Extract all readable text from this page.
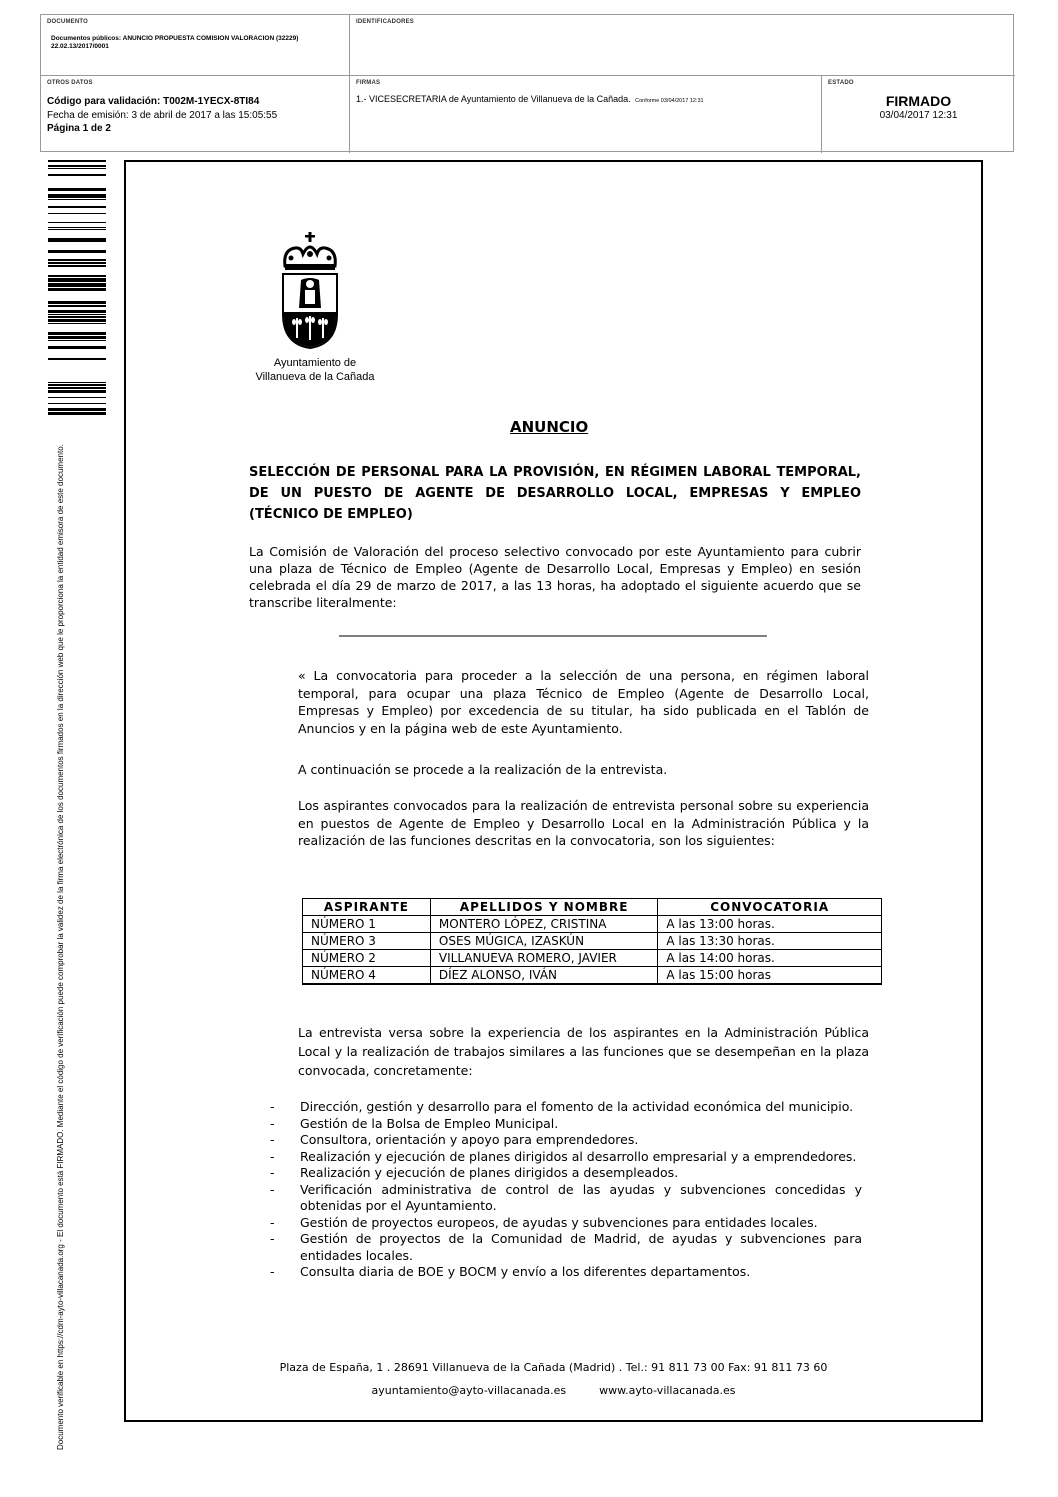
DOCUMENTO
Documentos públicos: ANUNCIO PROPUESTA COMISION VALORACION (32229) 22.02.13/2017/0001
IDENTIFICADORES
OTROS DATOS
Código para validación: T002M-1YECX-8TI84
Fecha de emisión: 3 de abril de 2017 a las 15:05:55
Página 1 de 2
FIRMAS
1.- VICESECRETARIA de Ayuntamiento de Villanueva de la Cañada. Conforme 03/04/2017 12:31
ESTADO
FIRMADO
03/04/2017 12:31
Documento verificable en https://cdm-ayto-villacanada.org - El documento está FIRMADO. Mediante el código de verificación puede comprobar la validez de la firma electrónica de los documentos firmados en la dirección web que le proporciona la entidad emisora de este documento.
Ayuntamiento de
Villanueva de la Cañada
ANUNCIO
SELECCIÓN DE PERSONAL PARA LA PROVISIÓN, EN RÉGIMEN LABORAL TEMPORAL, DE UN PUESTO DE AGENTE DE DESARROLLO LOCAL, EMPRESAS Y EMPLEO (TÉCNICO DE EMPLEO)
La Comisión de Valoración del proceso selectivo convocado por este Ayuntamiento para cubrir una plaza de Técnico de Empleo (Agente de Desarrollo Local, Empresas y Empleo) en sesión celebrada el día 29 de marzo de 2017, a las 13 horas, ha adoptado el siguiente acuerdo que se transcribe literalmente:
« La convocatoria para proceder a la selección de una persona, en régimen laboral temporal, para ocupar una plaza Técnico de Empleo (Agente de Desarrollo Local, Empresas y Empleo) por excedencia de su titular, ha sido publicada en el Tablón de Anuncios y en la página web de este Ayuntamiento.
A continuación se procede a la realización de la entrevista.
Los aspirantes convocados para la realización de entrevista personal sobre su experiencia en puestos de Agente de Empleo y Desarrollo Local en la Administración Pública y la realización de las funciones descritas en la convocatoria, son los siguientes:
ASPIRANTE	APELLIDOS Y NOMBRE	CONVOCATORIA
NÚMERO 1	MONTERO LÓPEZ, CRISTINA	A las 13:00 horas.
NÚMERO 3	OSES MÚGICA, IZASKÚN	A las 13:30 horas.
NÚMERO 2	VILLANUEVA ROMERO, JAVIER	A las 14:00 horas.
NÚMERO 4	DÍEZ ALONSO, IVÁN	A las 15:00 horas
La entrevista versa sobre la experiencia de los aspirantes en la Administración Pública Local y la realización de trabajos similares a las funciones que se desempeñan en la plaza convocada, concretamente:
- Dirección, gestión y desarrollo para el fomento de la actividad económica del municipio.
- Gestión de la Bolsa de Empleo Municipal.
- Consultora, orientación y apoyo para emprendedores.
- Realización y ejecución de planes dirigidos al desarrollo empresarial y a emprendedores.
- Realización y ejecución de planes dirigidos a desempleados.
- Verificación administrativa de control de las ayudas y subvenciones concedidas y obtenidas por el Ayuntamiento.
- Gestión de proyectos europeos, de ayudas y subvenciones para entidades locales.
- Gestión de proyectos de la Comunidad de Madrid, de ayudas y subvenciones para entidades locales.
- Consulta diaria de BOE y BOCM y envío a los diferentes departamentos.
Plaza de España, 1 . 28691 Villanueva de la Cañada (Madrid) . Tel.: 91 811 73 00 Fax: 91 811 73 60
ayuntamiento@ayto-villacanada.es	www.ayto-villacanada.es
